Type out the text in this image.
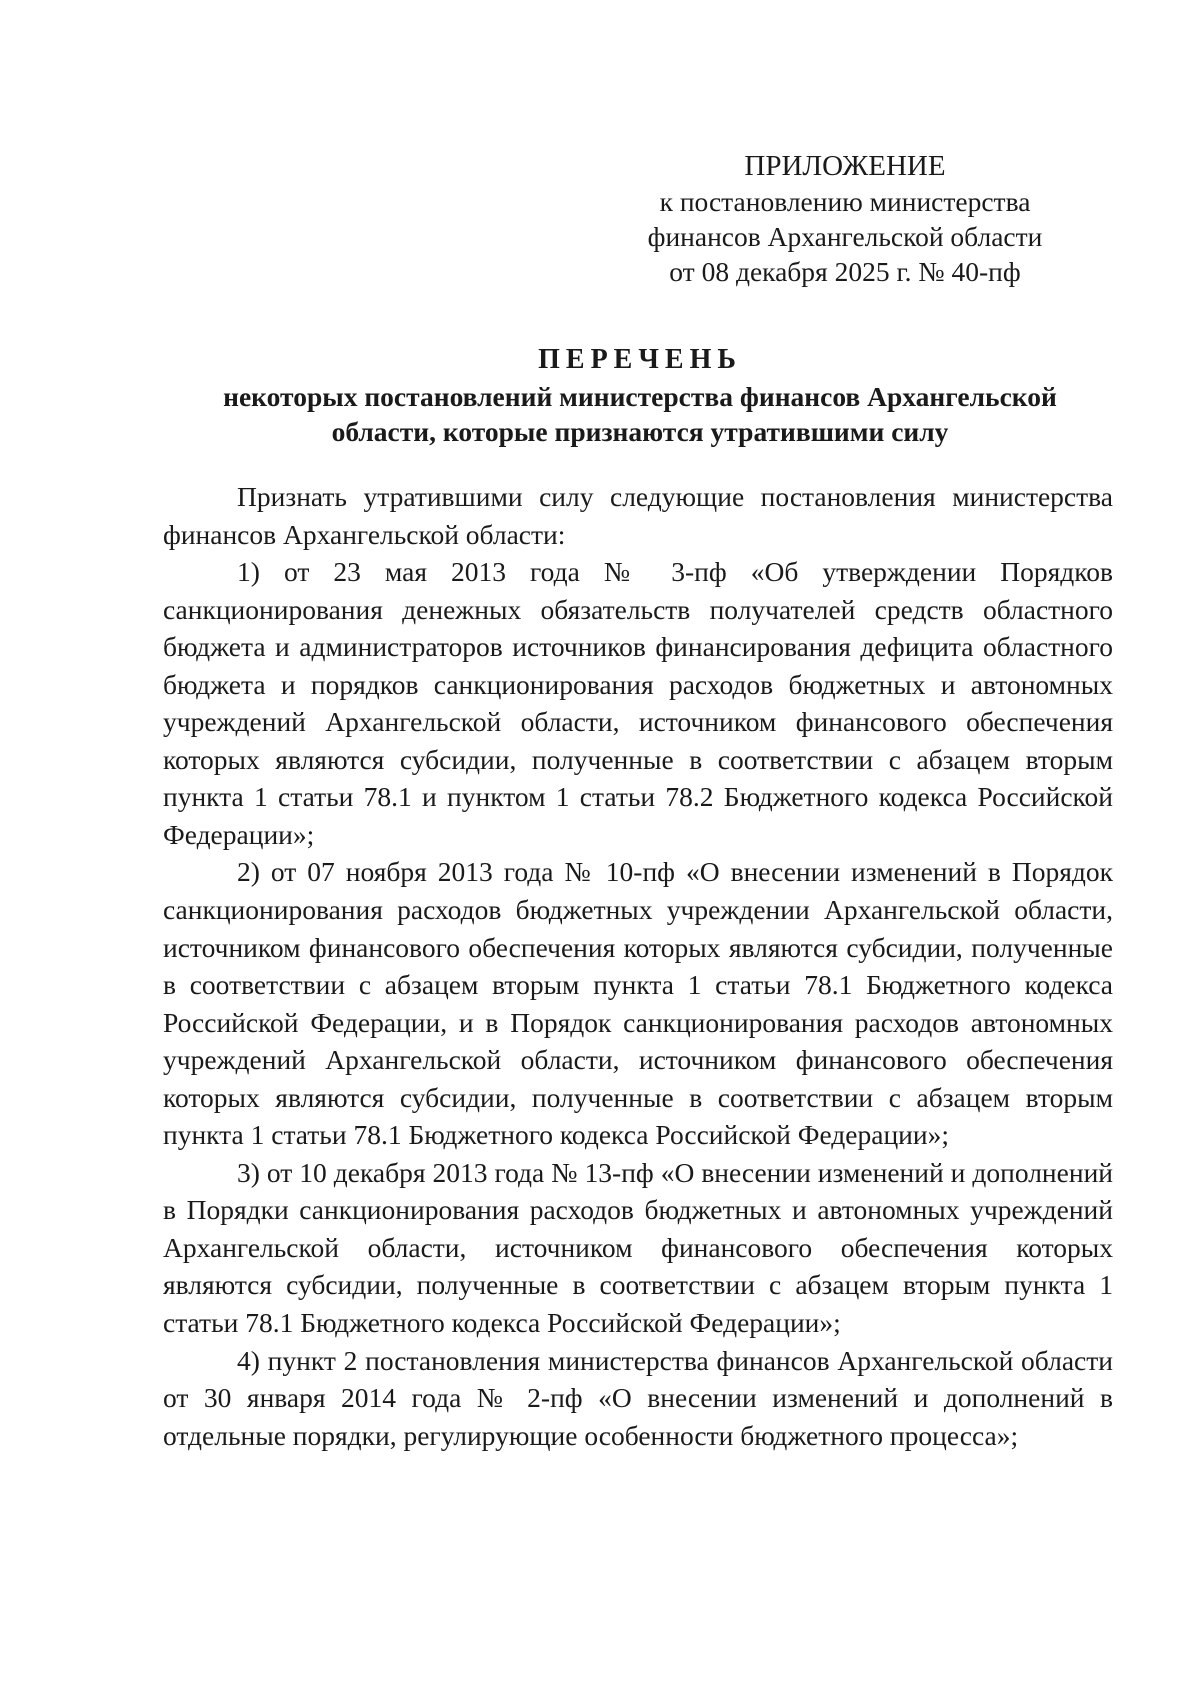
ПРИЛОЖЕНИЕ
к постановлению министерства
финансов Архангельской области
от 08 декабря 2025 г. № 40-пф
ПЕРЕЧЕНЬ
некоторых постановлений министерства финансов Архангельской
области, которые признаются утратившими силу

Признать утратившими силу следующие постановления министерства финансов Архангельской области:

1) от 23 мая 2013 года № 3-пф «Об утверждении Порядков санкционирования денежных обязательств получателей средств областного бюджета и администраторов источников финансирования дефицита областного бюджета и порядков санкционирования расходов бюджетных и автономных учреждений Архангельской области, источником финансового обеспечения которых являются субсидии, полученные в соответствии с абзацем вторым пункта 1 статьи 78.1 и пунктом 1 статьи 78.2 Бюджетного кодекса Российской Федерации»;

2) от 07 ноября 2013 года № 10-пф «О внесении изменений в Порядок санкционирования расходов бюджетных учреждении Архангельской области, источником финансового обеспечения которых являются субсидии, полученные в соответствии с абзацем вторым пункта 1 статьи 78.1 Бюджетного кодекса Российской Федерации, и в Порядок санкционирования расходов автономных учреждений Архангельской области, источником финансового обеспечения которых являются субсидии, полученные в соответствии с абзацем вторым пункта 1 статьи 78.1 Бюджетного кодекса Российской Федерации»;

3) от 10 декабря 2013 года № 13-пф «О внесении изменений и дополнений в Порядки санкционирования расходов бюджетных и автономных учреждений Архангельской области, источником финансового обеспечения которых являются субсидии, полученные в соответствии с абзацем вторым пункта 1 статьи 78.1 Бюджетного кодекса Российской Федерации»;

4) пункт 2 постановления министерства финансов Архангельской области от 30 января 2014 года № 2-пф «О внесении изменений и дополнений в отдельные порядки, регулирующие особенности бюджетного процесса»;
